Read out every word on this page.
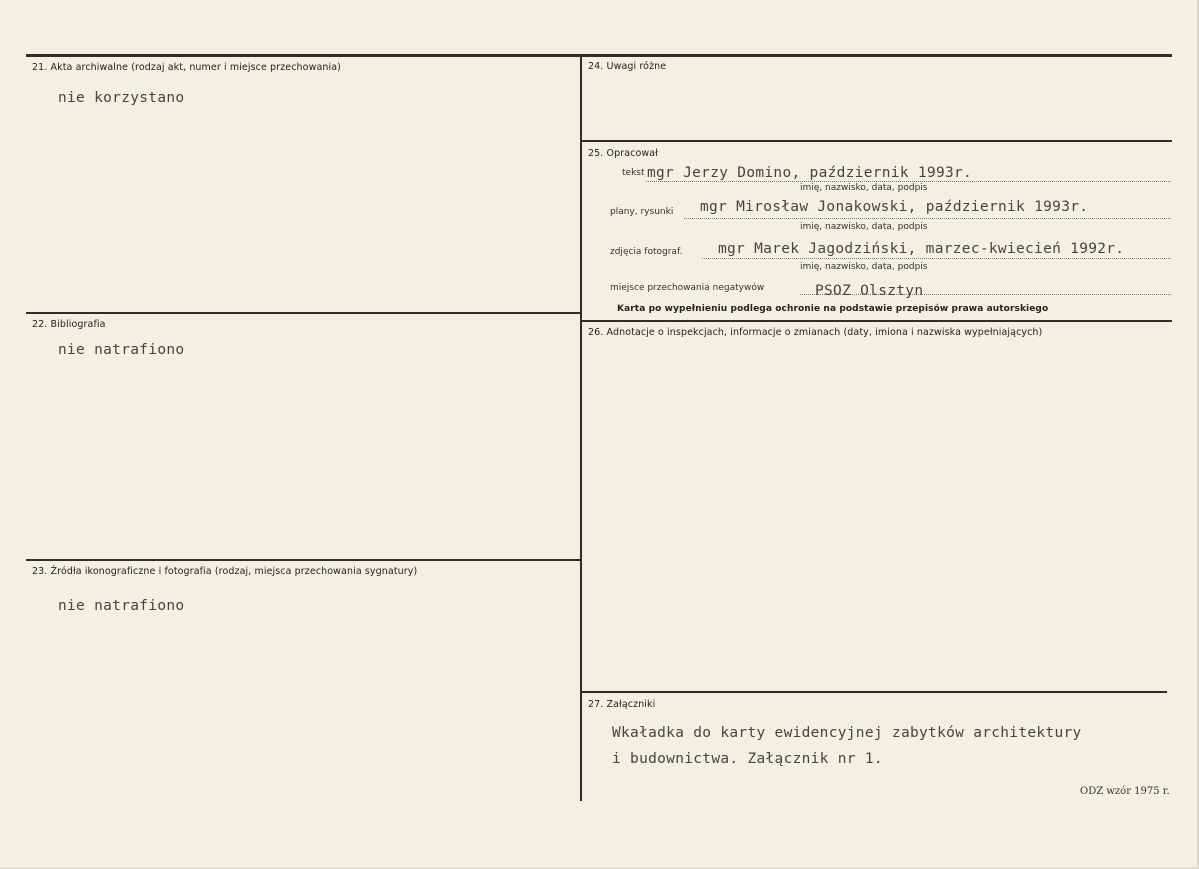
21. Akta archiwalne (rodzaj akt, numer i miejsce przechowania)
nie korzystano
22. Bibliografia
nie natrafiono
23. Źródła ikonograficzne i fotografia (rodzaj, miejsca przechowania sygnatury)
nie natrafiono
24. Uwagi różne
25. Opracował
tekst mgr Jerzy Domino, październik 1993r.
imię, nazwisko, data, podpis
plany, rysunki mgr Mirosław Jonakowski, październik 1993r.
imię, nazwisko, data, podpis
zdjęcia fotograf. mgr Marek Jagodziński, marzec-kwiecień 1992r.
imię, nazwisko, data, podpis
miejsce przechowania negatywów	PSOZ Olsztyn
Karta po wypełnieniu podlega ochronie na podstawie przepisów prawa autorskiego
26. Adnotacje o inspekcjach, informacje o zmianach (daty, imiona i nazwiska wypełniających)
27. Załączniki
Wkaładka do karty ewidencyjnej zabytków architektury
i budownictwa. Załącznik nr 1.
ODZ wzór 1975 r.
